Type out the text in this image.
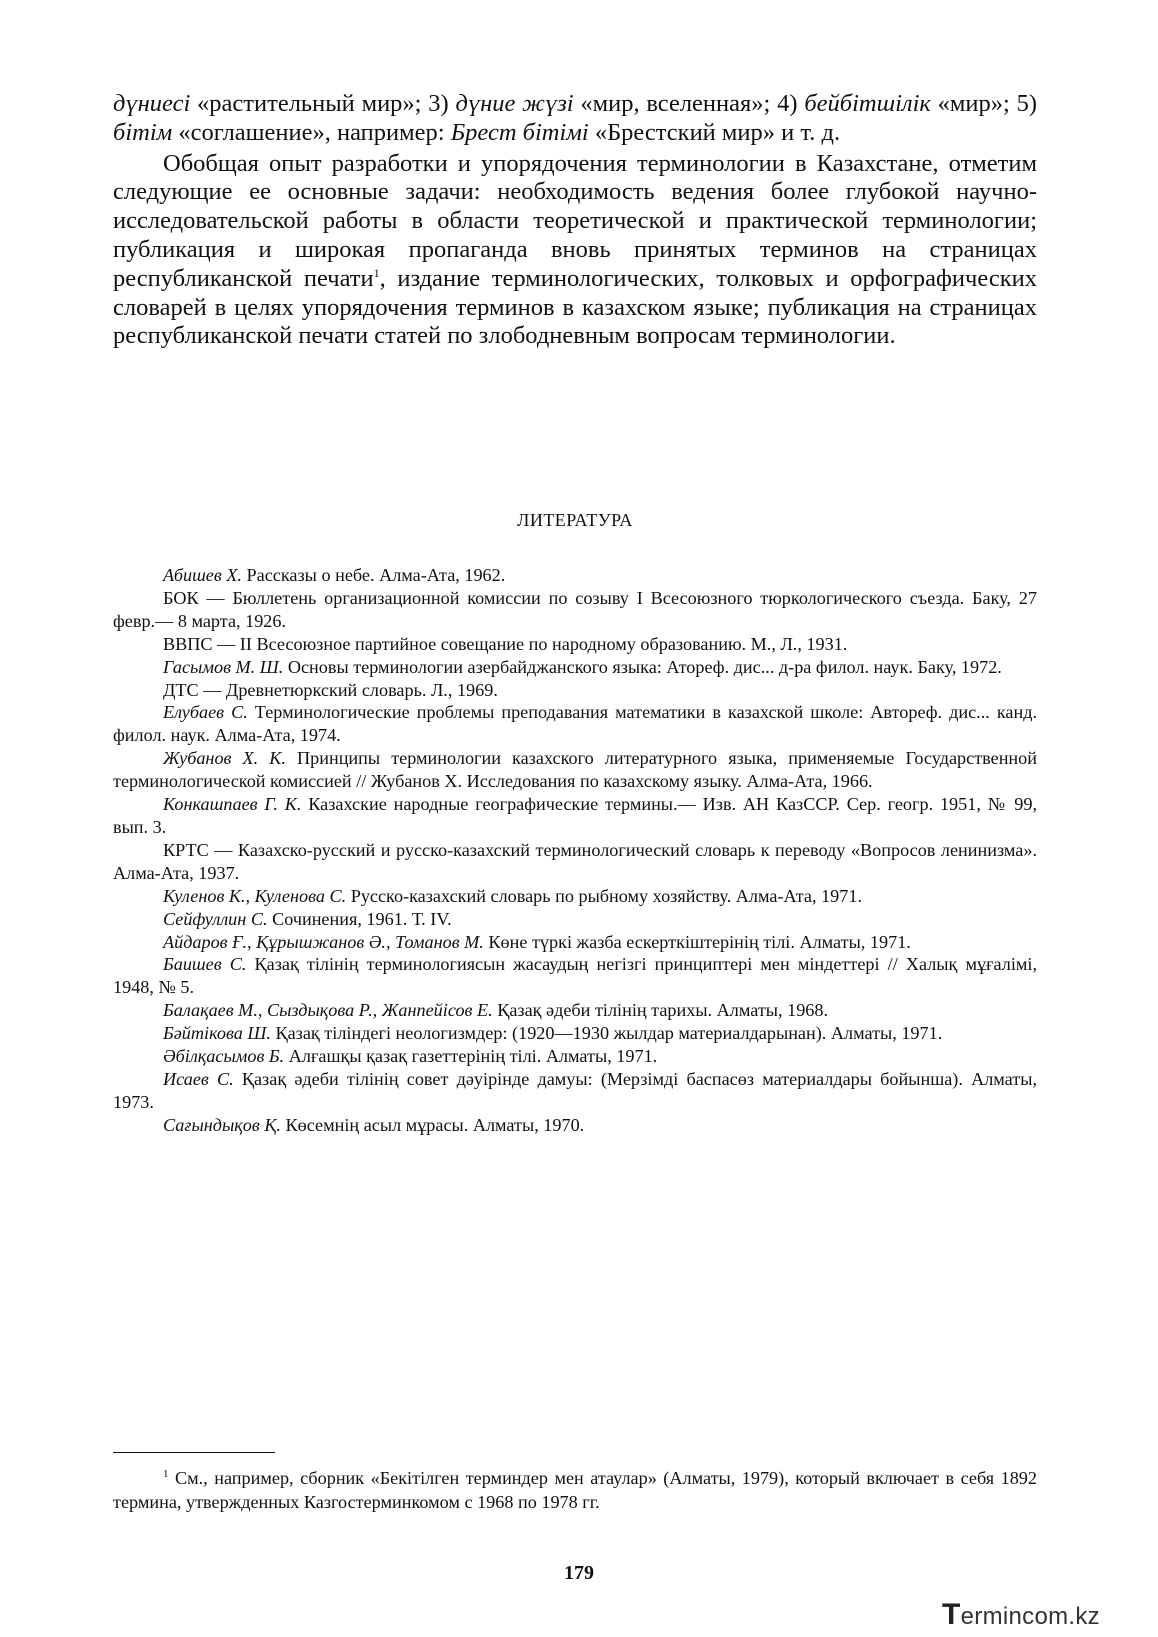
дүниесі «растительный мир»; 3) дүние жүзі «мир, вселенная»; 4) бейбітшілік «мир»; 5) бітім «соглашение», например: Брест бітімі «Брестский мир» и т. д.

Обобщая опыт разработки и упорядочения терминологии в Казахстане, отметим следующие ее основные задачи: необходимость ведения более глубокой научно-исследовательской работы в области теоретической и практической терминологии; публикация и широкая пропаганда вновь принятых терминов на страницах республиканской печати$^1$, издание терминологических, толковых и орфографических словарей в целях упорядочения терминов в казахском языке; публикация на страницах республиканской печати статей по злободневным вопросам терминологии.

ЛИТЕРАТУРА

Абишев Х. Рассказы о небе. Алма-Ата, 1962.

БОК — Бюллетень организационной комиссии по созыву I Всесоюзного тюркологического съезда. Баку, 27 февр.— 8 марта, 1926.

ВВПС — II Всесоюзное партийное совещание по народному образованию. М., Л., 1931.

Гасымов М. Ш. Основы терминологии азербайджанского языка: Атореф. дис... д-ра филол. наук. Баку, 1972.

ДТС — Древнетюркский словарь. Л., 1969.

Елубаев С. Терминологические проблемы преподавания математики в казахской школе: Автореф. дис... канд. филол. наук. Алма-Ата, 1974.

Жубанов Х. К. Принципы терминологии казахского литературного языка, применяемые Государственной терминологической комиссией // Жубанов Х. Исследования по казахскому языку. Алма-Ата, 1966.

Конкашпаев Г. К. Казахские народные географические термины.— Изв. АН КазССР. Сер. геогр. 1951, № 99, вып. 3.

КРТС — Казахско-русский и русско-казахский терминологический словарь к переводу «Вопросов ленинизма». Алма-Ата, 1937.

Куленов К., Куленова С. Русско-казахский словарь по рыбному хозяйству. Алма-Ата, 1971.

Сейфуллин С. Сочинения, 1961. Т. IV.

Айдаров Ғ., Құрышжанов Ә., Томанов М. Көне түркі жазба ескерткіштерінің тілі. Алматы, 1971.

Баишев С. Қазақ тілінің терминологиясын жасаудың негізгі принциптері мен міндеттері // Халық мұғалімі, 1948, № 5.

Балақаев М., Сыздықова Р., Жанпейісов Е. Қазақ әдеби тілінің тарихы. Алматы, 1968.

Бәйтікова Ш. Қазақ тіліндегі неологизмдер: (1920—1930 жылдар материалдарынан). Алматы, 1971.

Әбілқасымов Б. Алғашқы қазақ газеттерінің тілі. Алматы, 1971.

Исаев С. Қазақ әдеби тілінің совет дәуірінде дамуы: (Мерзімді баспасөз материалдары бойынша). Алматы, 1973.

Сағындықов Қ. Көсемнің асыл мұрасы. Алматы, 1970.

$^1$ См., например, сборник «Бекітілген терминдер мен атаулар» (Алматы, 1979), который включает в себя 1892 термина, утвержденных Казгостерминкомом с 1968 по 1978 гг.
179
Termincom.kz
